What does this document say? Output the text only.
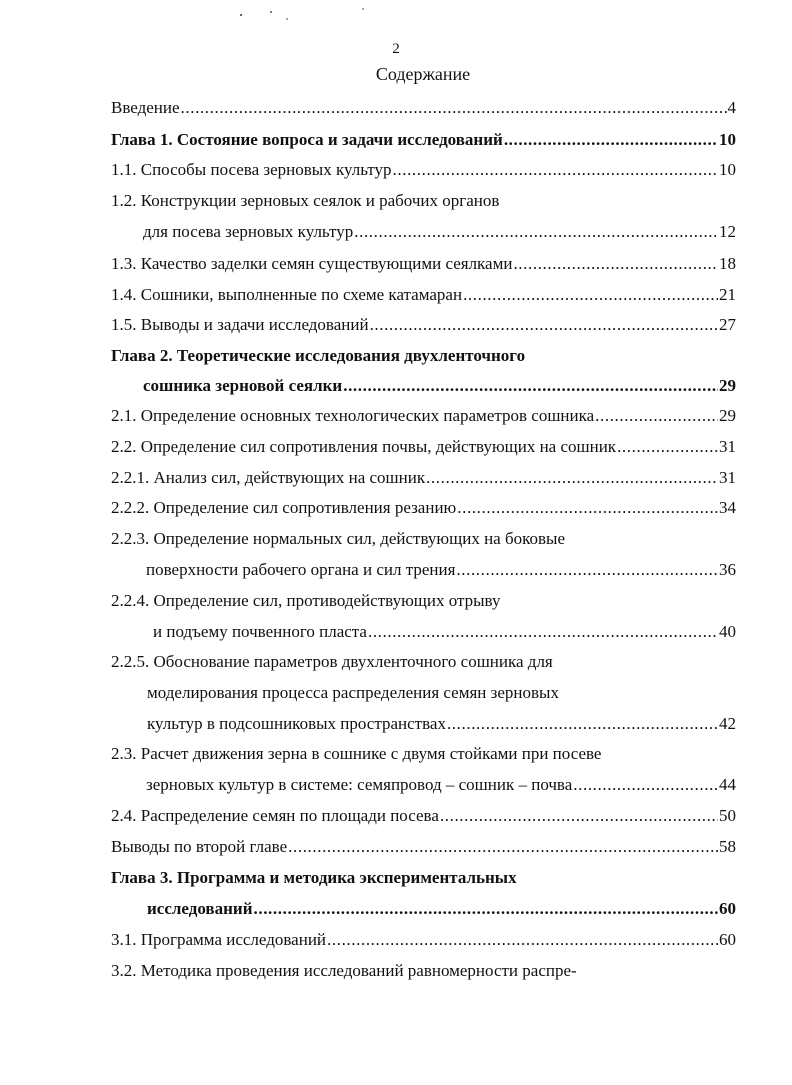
2
Содержание
Введение .....	4
Глава 1. Состояние вопроса и задачи исследований .....	10
1.1. Способы посева зерновых культур .....	10
1.2. Конструкции зерновых сеялок и рабочих органов
для посева зерновых культур .....	12
1.3. Качество заделки семян существующими сеялками .....	18
1.4. Сошники, выполненные по схеме катамаран .....	21
1.5. Выводы и задачи исследований .....	27
Глава 2. Теоретические исследования двухленточного
сошника зерновой сеялки .....	29
2.1. Определение основных технологических параметров сошника .....	29
2.2. Определение сил сопротивления почвы, действующих на сошник .....	31
2.2.1. Анализ сил, действующих на сошник .....	31
2.2.2. Определение сил сопротивления резанию .....	34
2.2.3. Определение нормальных сил, действующих на боковые
поверхности рабочего органа и сил трения .....	36
2.2.4. Определение сил, противодействующих отрыву
и подъему почвенного пласта .....	40
2.2.5. Обоснование параметров двухленточного сошника для
моделирования процесса распределения семян зерновых
культур в подсошниковых пространствах .....	42
2.3. Расчет движения зерна в сошнике с двумя стойками при посеве
зерновых культур в системе: семяпровод – сошник – почва .....	44
2.4. Распределение семян по площади посева .....	50
Выводы по второй главе .....	58
Глава 3. Программа и методика экспериментальных
исследований .....	60
3.1. Программа исследований .....	60
3.2. Методика проведения исследований равномерности распре-
